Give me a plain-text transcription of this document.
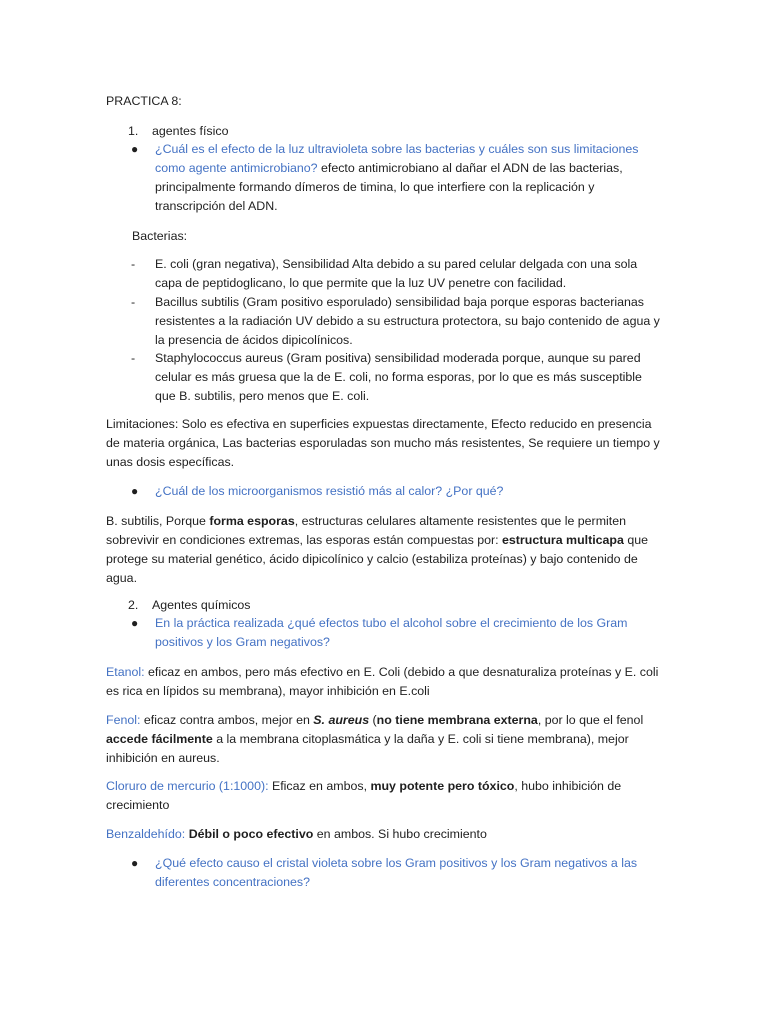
PRACTICA 8:
1. agentes físico
● ¿Cuál es el efecto de la luz ultravioleta sobre las bacterias y cuáles son sus limitaciones como agente antimicrobiano? efecto antimicrobiano al dañar el ADN de las bacterias, principalmente formando dímeros de timina, lo que interfiere con la replicación y transcripción del ADN.
Bacterias:
- E. coli (gran negativa), Sensibilidad Alta debido a su pared celular delgada con una sola capa de peptidoglicano, lo que permite que la luz UV penetre con facilidad.
- Bacillus subtilis (Gram positivo esporulado) sensibilidad baja porque esporas bacterianas resistentes a la radiación UV debido a su estructura protectora, su bajo contenido de agua y la presencia de ácidos dipicolínicos.
- Staphylococcus aureus (Gram positiva) sensibilidad moderada porque, aunque su pared celular es más gruesa que la de E. coli, no forma esporas, por lo que es más susceptible que B. subtilis, pero menos que E. coli.

Limitaciones: Solo es efectiva en superficies expuestas directamente, Efecto reducido en presencia de materia orgánica, Las bacterias esporuladas son mucho más resistentes, Se requiere un tiempo y unas dosis específicas.

● ¿Cuál de los microorganismos resistió más al calor? ¿Por qué?

B. subtilis, Porque forma esporas, estructuras celulares altamente resistentes que le permiten sobrevivir en condiciones extremas, las esporas están compuestas por: estructura multicapa que protege su material genético, ácido dipicolínico y calcio (estabiliza proteínas) y bajo contenido de agua.

2. Agentes químicos
● En la práctica realizada ¿qué efectos tubo el alcohol sobre el crecimiento de los Gram positivos y los Gram negativos?

Etanol: eficaz en ambos, pero más efectivo en E. Coli (debido a que desnaturaliza proteínas y E. coli es rica en lípidos su membrana), mayor inhibición en E.coli

Fenol: eficaz contra ambos, mejor en S. aureus (no tiene membrana externa, por lo que el fenol accede fácilmente a la membrana citoplasmática y la daña y E. coli si tiene membrana), mejor inhibición en aureus.

Cloruro de mercurio (1:1000): Eficaz en ambos, muy potente pero tóxico, hubo inhibición de crecimiento

Benzaldehído: Débil o poco efectivo en ambos. Si hubo crecimiento

● ¿Qué efecto causo el cristal violeta sobre los Gram positivos y los Gram negativos a las diferentes concentraciones?
